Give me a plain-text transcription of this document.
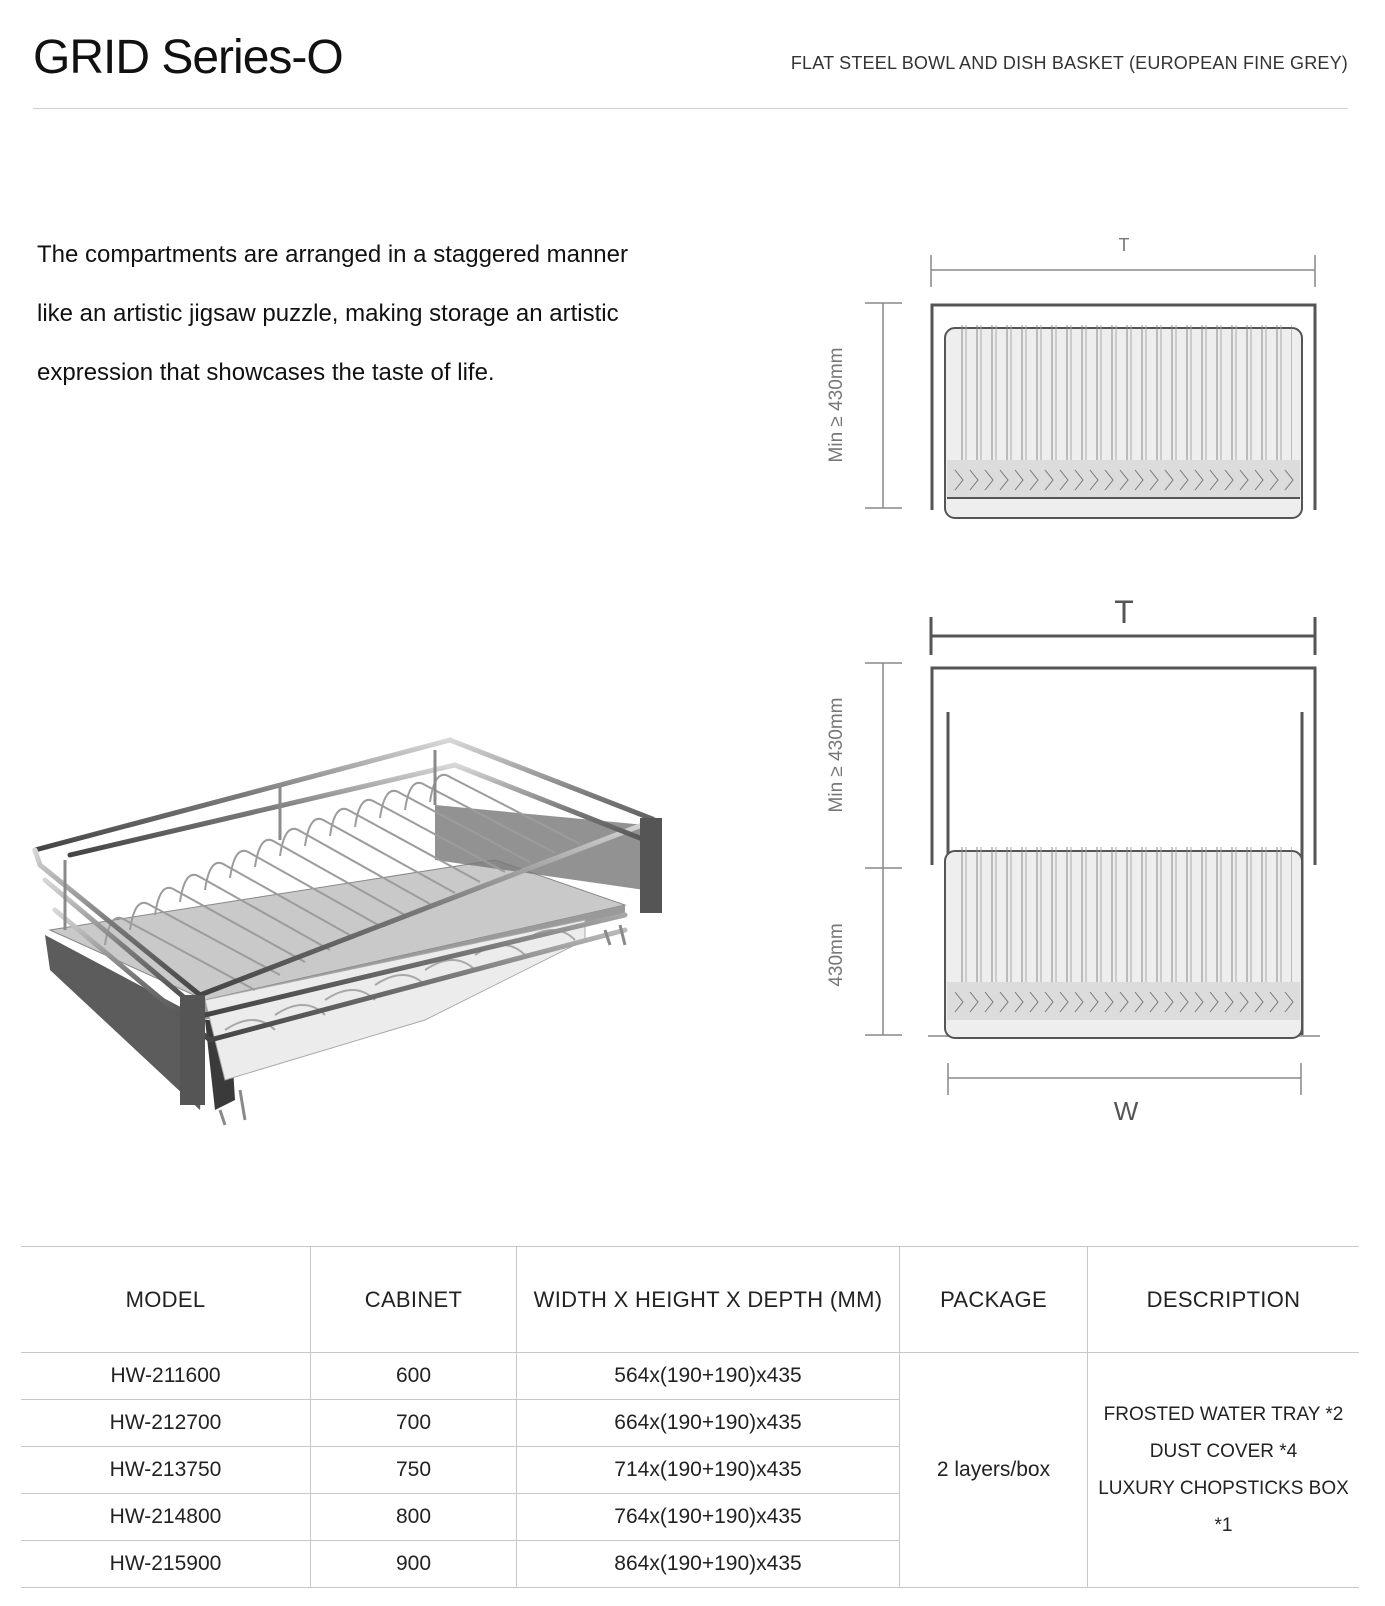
GRID Series-O	FLAT STEEL BOWL AND DISH BASKET (EUROPEAN FINE GREY)
The compartments are arranged in a staggered manner
like an artistic jigsaw puzzle, making storage an artistic
expression that showcases the taste of life.
T
Min ≥ 430mm
T
Min ≥ 430mm
430mm
W
MODEL	CABINET	WIDTH X HEIGHT X DEPTH (MM)	PACKAGE	DESCRIPTION
HW-211600	600	564x(190+190)x435	2 layers/box	FROSTED WATER TRAY *2
DUST COVER *4
LUXURY CHOPSTICKS BOX *1

HW-212700	700	664x(190+190)x435		
HW-213750	750	714x(190+190)x435		
HW-214800	800	764x(190+190)x435		
HW-215900	900	864x(190+190)x435		
